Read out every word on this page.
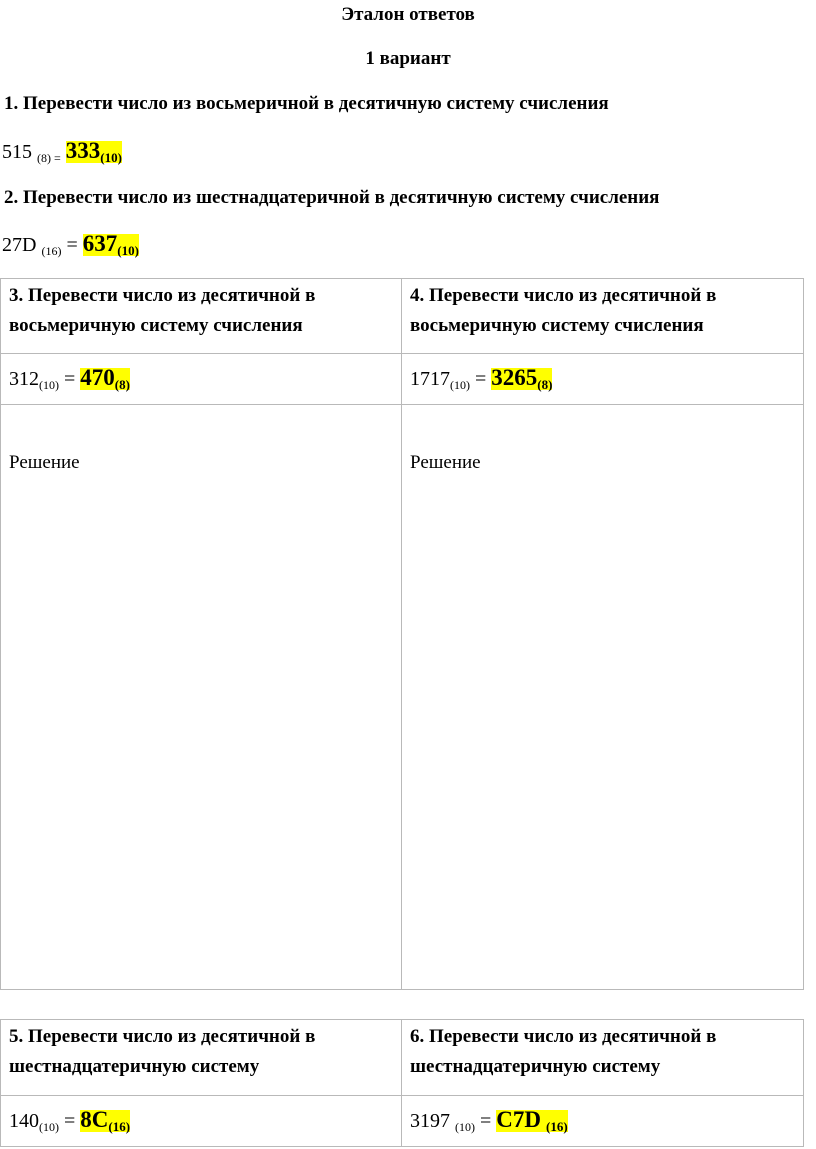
Эталон ответов
1 вариант
1. Перевести число из восьмеричной в десятичную систему счисления
515 $_{(8) =}$ $333_{(10)}$
2. Перевести число из шестнадцатеричной в десятичную систему счисления
27D $_{(16)} = 637_{(10)}$
3. Перевести число из десятичной в восьмеричную систему счисления	4. Перевести число из десятичной в восьмеричную систему счисления
$312_{(10)} = 470_{(8)}$	$1717_{(10)} = 3265_{(8)}$
Решение	Решение
5. Перевести число из десятичной в шестнадцатеричную систему	6. Перевести число из десятичной в шестнадцатеричную систему
$140_{(10)} = 8C_{(16)}$	3197 $_{(10)}$ = C7D $_{(16)}$
